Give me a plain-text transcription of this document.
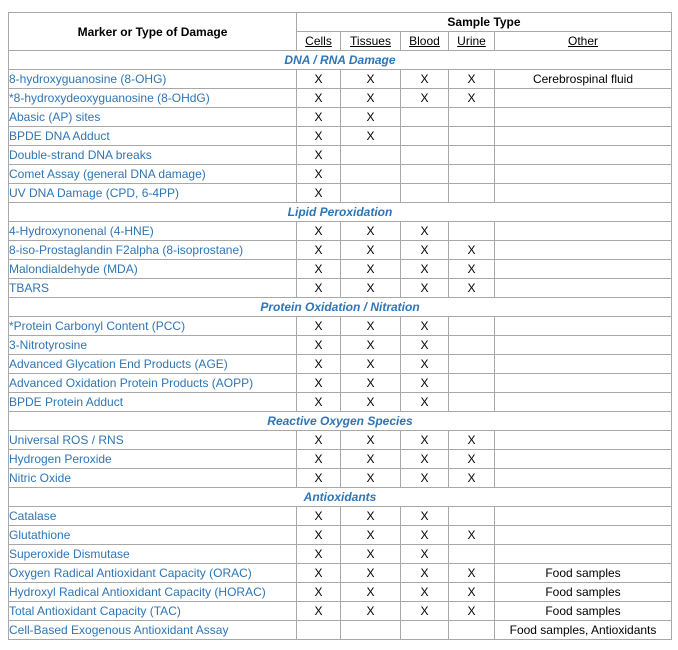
Marker or Type of Damage	Sample Type				
	Cells	Tissues	Blood	Urine	Other
DNA / RNA Damage					
8-hydroxyguanosine (8-OHG)	X	X	X	X	Cerebrospinal fluid
*8-hydroxydeoxyguanosine (8-OHdG)	X	X	X	X	
Abasic (AP) sites	X	X			
BPDE DNA Adduct	X	X			
Double-strand DNA breaks	X				
Comet Assay (general DNA damage)	X				
UV DNA Damage (CPD, 6-4PP)	X				
Lipid Peroxidation					
4-Hydroxynonenal (4-HNE)	X	X	X		
8-iso-Prostaglandin F2alpha (8-isoprostane)	X	X	X	X	
Malondialdehyde (MDA)	X	X	X	X	
TBARS	X	X	X	X	
Protein Oxidation / Nitration					
*Protein Carbonyl Content (PCC)	X	X	X		
3-Nitrotyrosine	X	X	X		
Advanced Glycation End Products (AGE)	X	X	X		
Advanced Oxidation Protein Products (AOPP)	X	X	X		
BPDE Protein Adduct	X	X	X		
Reactive Oxygen Species					
Universal ROS / RNS	X	X	X	X	
Hydrogen Peroxide	X	X	X	X	
Nitric Oxide	X	X	X	X	
Antioxidants					
Catalase	X	X	X		
Glutathione	X	X	X	X	
Superoxide Dismutase	X	X	X		
Oxygen Radical Antioxidant Capacity (ORAC)	X	X	X	X	Food samples
Hydroxyl Radical Antioxidant Capacity (HORAC)	X	X	X	X	Food samples
Total Antioxidant Capacity (TAC)	X	X	X	X	Food samples
Cell-Based Exogenous Antioxidant Assay					Food samples, Antioxidants
